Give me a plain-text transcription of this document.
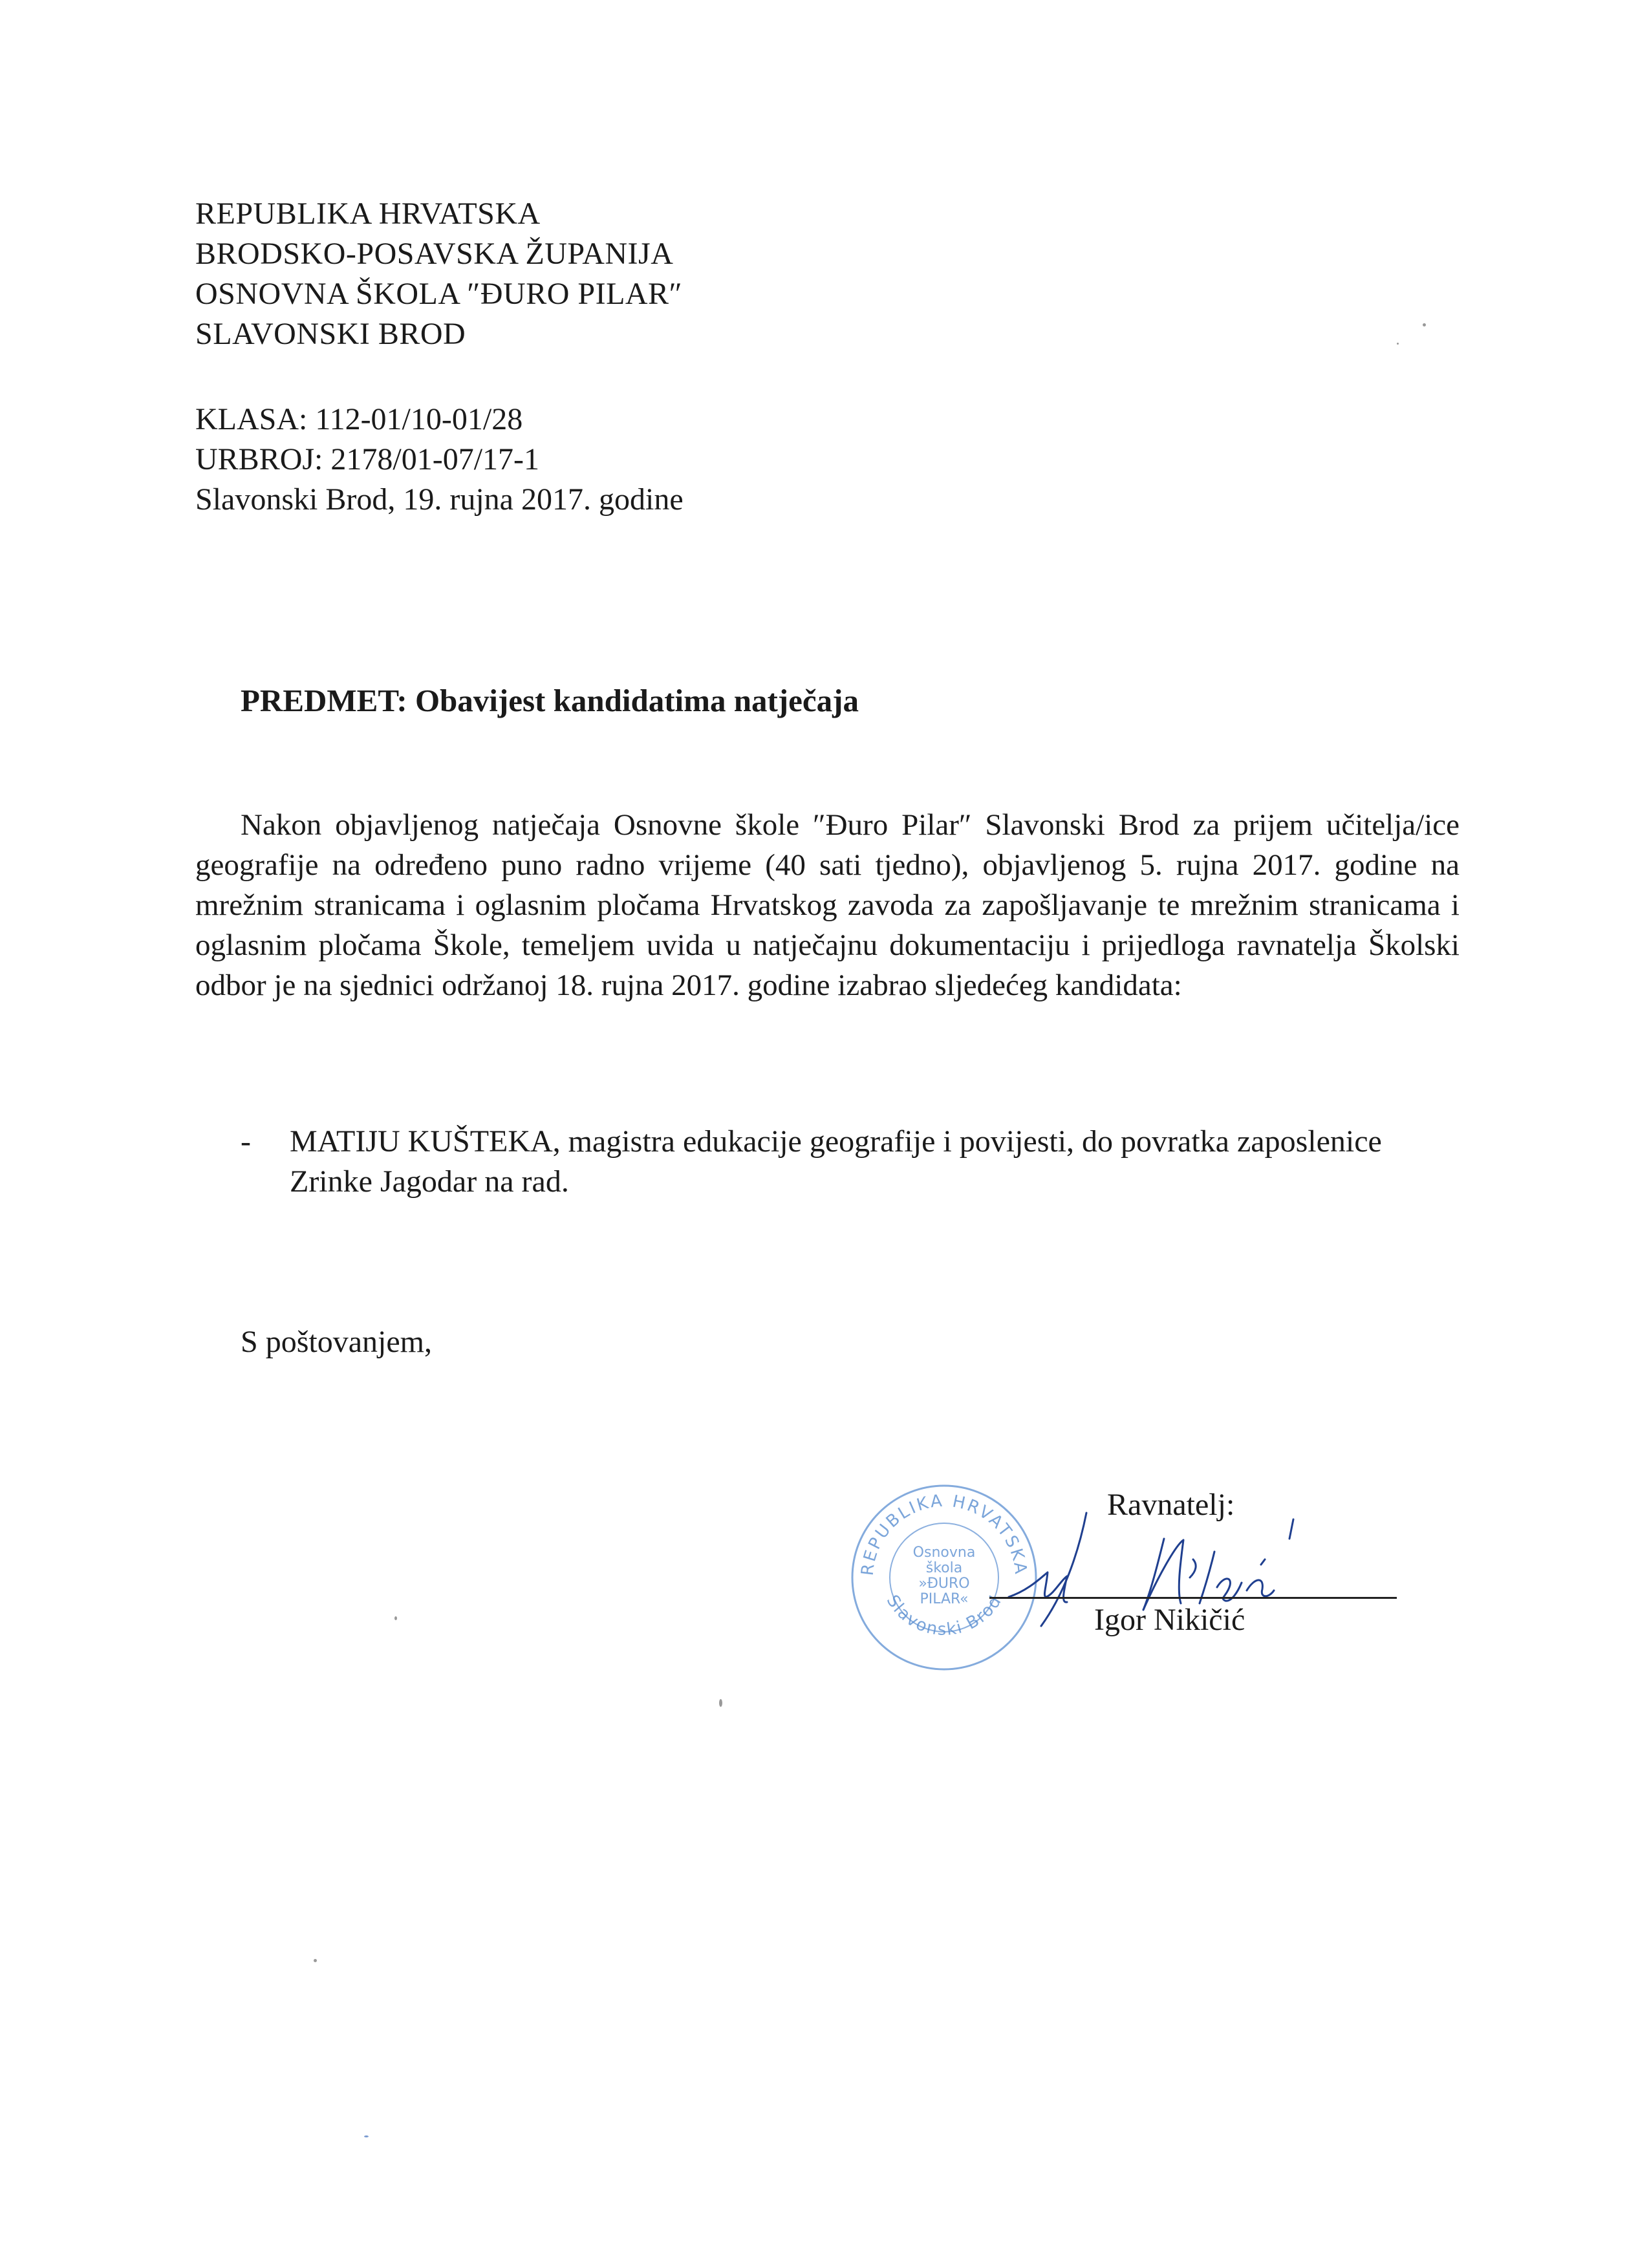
REPUBLIKA HRVATSKA
BRODSKO-POSAVSKA ŽUPANIJA
OSNOVNA ŠKOLA ″ĐURO PILAR″
SLAVONSKI BROD
KLASA: 112-01/10-01/28
URBROJ: 2178/01-07/17-1
Slavonski Brod, 19. rujna 2017. godine
PREDMET: Obavijest kandidatima natječaja
Nakon objavljenog natječaja Osnovne škole ″Đuro Pilar″ Slavonski Brod za prijem učitelja/ice geografije na određeno puno radno vrijeme (40 sati tjedno), objavljenog 5. rujna 2017. godine na mrežnim stranicama i oglasnim pločama Hrvatskog zavoda za zapošljavanje te mrežnim stranicama i oglasnim pločama Škole, temeljem uvida u natječajnu dokumentaciju i prijedloga ravnatelja Školski odbor je na sjednici održanoj 18. rujna 2017. godine izabrao sljedećeg kandidata:
-	MATIJU KUŠTEKA, magistra edukacije geografije i povijesti, do povratka zaposlenice Zrinke Jagodar na rad.
S poštovanjem,
Ravnatelj:
REPUBLIKA HRVATSKA
Slavonski Brod
Osnovna
škola
»ĐURO
PILAR«
Igor Nikičić
